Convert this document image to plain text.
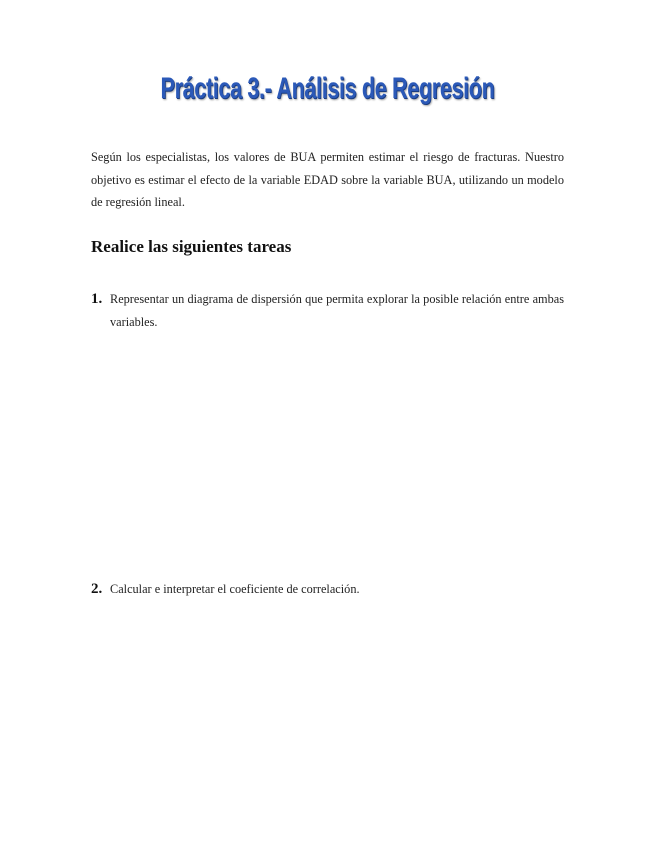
Práctica 3.- Análisis de Regresión
Según los especialistas, los valores de BUA permiten estimar el riesgo de fracturas. Nuestro objetivo es estimar el efecto de la variable EDAD sobre la variable BUA, utilizando un modelo de regresión lineal.
Realice las siguientes tareas
1. Representar un diagrama de dispersión que permita explorar la posible relación entre ambas variables.
2. Calcular e interpretar el coeficiente de correlación.
